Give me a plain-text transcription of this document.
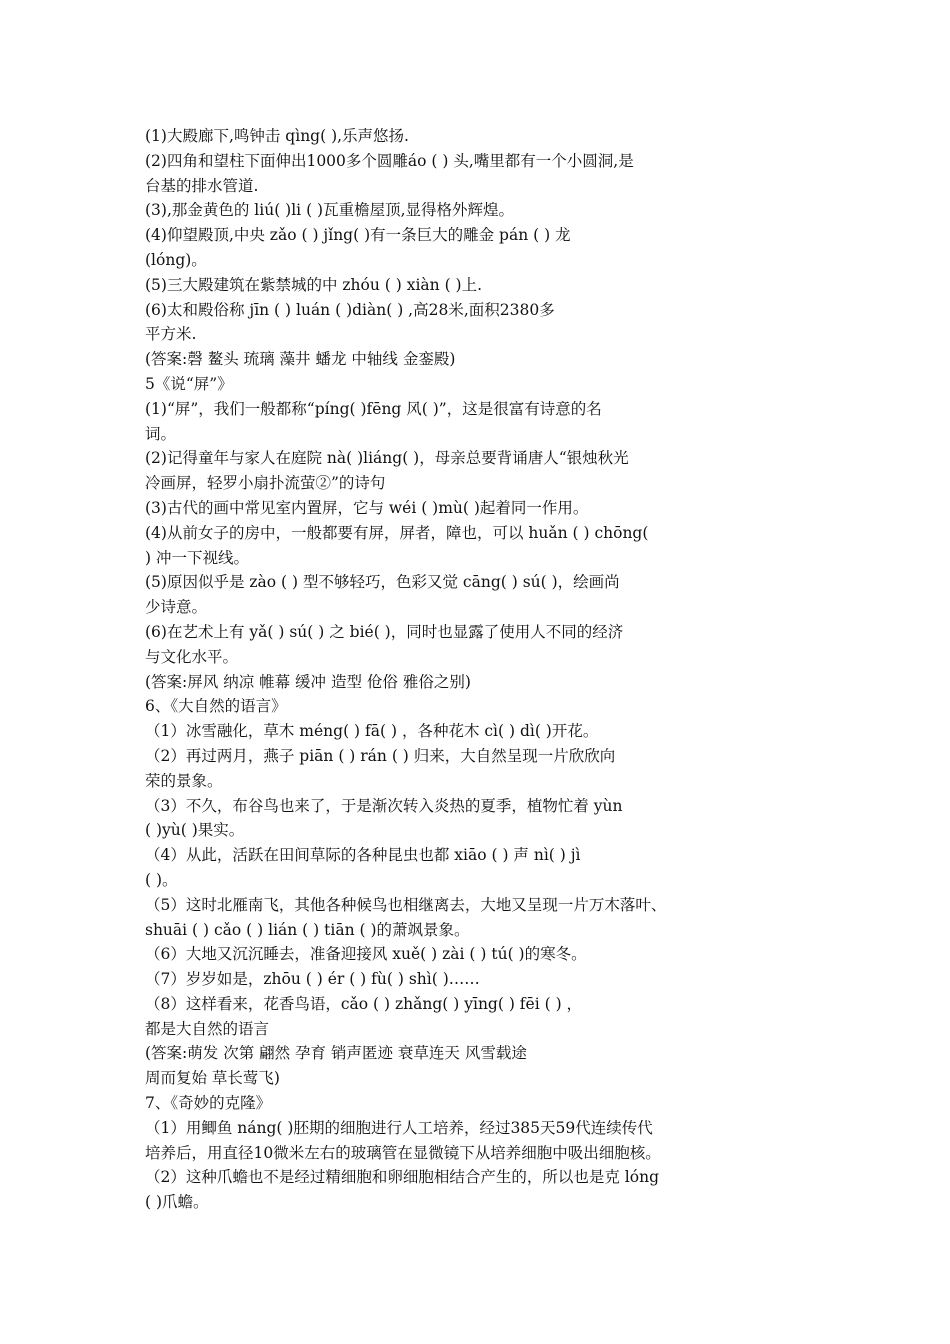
(1)大殿廊下,鸣钟击 qìng( ),乐声悠扬.
(2)四角和望柱下面伸出1000多个圆雕áo ( ) 头,嘴里都有一个小圆洞,是
台基的排水管道.
(3),那金黄色的 liú( )li ( )瓦重檐屋顶,显得格外辉煌。
(4)仰望殿顶,中央 zǎo ( ) jǐng( )有一条巨大的雕金 pán ( ) 龙
(lóng)。
(5)三大殿建筑在紫禁城的中 zhóu ( ) xiàn ( )上.
(6)太和殿俗称 jīn ( ) luán ( )diàn( ) ,高28米,面积2380多
平方米.
(答案:磬 鳌头 琉璃 藻井 蟠龙 中轴线 金銮殿)
5《说“屏”》
(1)“屏”，我们一般都称“píng( )fēng 风( )”，这是很富有诗意的名
词。
(2)记得童年与家人在庭院 nà( )liáng( )，母亲总要背诵唐人“银烛秋光
冷画屏，轻罗小扇扑流萤②”的诗句
(3)古代的画中常见室内置屏，它与 wéi ( )mù( )起着同一作用。
(4)从前女子的房中，一般都要有屏，屏者，障也，可以 huǎn ( ) chōng(
) 冲一下视线。
(5)原因似乎是 zào ( ) 型不够轻巧，色彩又觉 cāng( ) sú( )，绘画尚
少诗意。
(6)在艺术上有 yǎ( ) sú( ) 之 bié( )，同时也显露了使用人不同的经济
与文化水平。
(答案:屏风 纳凉 帷幕 缓冲 造型 伧俗 雅俗之别)
6、《大自然的语言》
（1）冰雪融化，草木 méng( ) fā( ) ，各种花木 cì( ) dì( )开花。
（2）再过两月，燕子 piān ( ) rán ( ) 归来，大自然呈现一片欣欣向
荣的景象。
（3）不久，布谷鸟也来了，于是渐次转入炎热的夏季，植物忙着 yùn
( )yù( )果实。
（4）从此，活跃在田间草际的各种昆虫也都 xiāo ( ) 声 nì( ) jì
( )。
（5）这时北雁南飞，其他各种候鸟也相继离去，大地又呈现一片万木落叶、
shuāi ( ) cǎo ( ) lián ( ) tiān ( )的萧飒景象。
（6）大地又沉沉睡去，准备迎接风 xuě( ) zài ( ) tú( )的寒冬。
（7）岁岁如是，zhōu ( ) ér ( ) fù( ) shì( )……
（8）这样看来，花香鸟语，cǎo ( ) zhǎng( ) yīng( ) fēi ( ) ，
都是大自然的语言
(答案:萌发 次第 翩然 孕育 销声匿迹 衰草连天 风雪载途
周而复始 草长莺飞)
7、《奇妙的克隆》
（1）用鲫鱼 náng( )胚期的细胞进行人工培养，经过385天59代连续传代
培养后，用直径10微米左右的玻璃管在显微镜下从培养细胞中吸出细胞核。
（2）这种爪蟾也不是经过精细胞和卵细胞相结合产生的，所以也是克 lóng
( )爪蟾。
